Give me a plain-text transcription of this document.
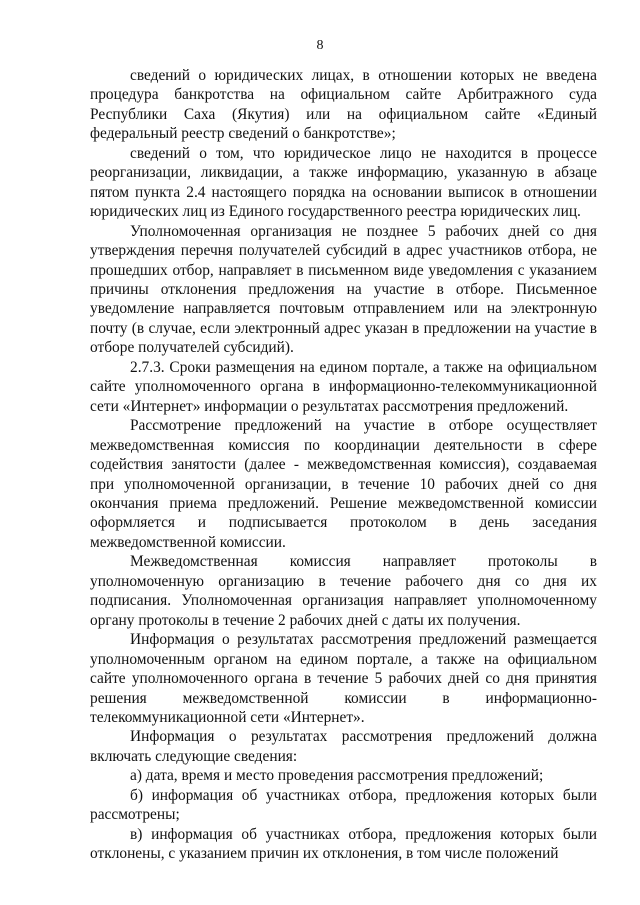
8

сведений о юридических лицах, в отношении которых не введена процедура банкротства на официальном сайте Арбитражного суда Республики Саха (Якутия) или на официальном сайте «Единый федеральный реестр сведений о банкротстве»;

сведений о том, что юридическое лицо не находится в процессе реорганизации, ликвидации, а также информацию, указанную в абзаце пятом пункта 2.4 настоящего порядка на основании выписок в отношении юридических лиц из Единого государственного реестра юридических лиц.

Уполномоченная организация не позднее 5 рабочих дней со дня утверждения перечня получателей субсидий в адрес участников отбора, не прошедших отбор, направляет в письменном виде уведомления с указанием причины отклонения предложения на участие в отборе. Письменное уведомление направляется почтовым отправлением или на электронную почту (в случае, если электронный адрес указан в предложении на участие в отборе получателей субсидий).

2.7.3. Сроки размещения на едином портале, а также на официальном сайте уполномоченного органа в информационно-телекоммуникационной сети «Интернет» информации о результатах рассмотрения предложений.

Рассмотрение предложений на участие в отборе осуществляет межведомственная комиссия по координации деятельности в сфере содействия занятости (далее - межведомственная комиссия), создаваемая при уполномоченной организации, в течение 10 рабочих дней со дня окончания приема предложений. Решение межведомственной комиссии оформляется и подписывается протоколом в день заседания межведомственной комиссии.

Межведомственная комиссия направляет протоколы в уполномоченную организацию в течение рабочего дня со дня их подписания. Уполномоченная организация направляет уполномоченному органу протоколы в течение 2 рабочих дней с даты их получения.

Информация о результатах рассмотрения предложений размещается уполномоченным органом на едином портале, а также на официальном сайте уполномоченного органа в течение 5 рабочих дней со дня принятия решения межведомственной комиссии в информационно-телекоммуникационной сети «Интернет».

Информация о результатах рассмотрения предложений должна включать следующие сведения:

а) дата, время и место проведения рассмотрения предложений;

б) информация об участниках отбора, предложения которых были рассмотрены;

в) информация об участниках отбора, предложения которых были отклонены, с указанием причин их отклонения, в том числе положений
